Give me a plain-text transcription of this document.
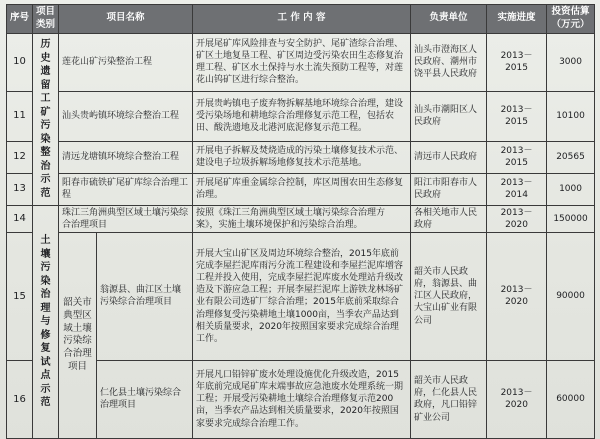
序号	项目类别	项目名称		工 作 内 容	负责单位	实施进度	投资估算（万元）
10	历史遗留工矿污染整治示范	莲花山矿污染整治工程		开展尾矿库风险排查与安全防护、尾矿渣综合治理、矿区土地复垦工程、矿区周边受污染农田生态修复治理工程、矿区水土保持与水土流失预防工程等，对莲花山钨矿区进行综合整治。	汕头市澄海区人民政府、潮州市饶平县人民政府	2013－2015	3000
11		汕头贵屿镇环境综合整治工程		开展贵屿镇电子废弃物拆解基地环境综合治理，建设受污染场地和耕地综合治理修复示范工程，包括农田、酸洗遗地及北港河底泥修复示范工程。	汕头市潮阳区人民政府	2013－2015	10100
12		清远龙塘镇环境综合整治工程		开展电子拆解及焚烧造成的污染土壤修复技术示范、建设电子垃圾拆解场地修复技术示范基地。	清远市人民政府	2013－2015	20565
13		阳春市硫铁矿尾矿库综合治理工程		开展尾矿库重金属综合控制，库区周围农田生态修复治理。	阳江市阳春市人民政府	2013－2014	1000
14	土壤污染治理与修复试点示范	珠江三角洲典型区域土壤污染综合治理项目		按照《珠江三角洲典型区域土壤污染综合治理方案》，实施土壤环境保护和污染综合治理。	各相关地市人民政府	2013－2020	150000
15		韶关市典型区域土壤污染综合治理项目	翁源县、曲江区土壤污染综合治理项目	开展大宝山矿区及周边环境综合整治，2015年底前完成李屋拦泥库雨污分流工程建设和李屋拦泥库增容工程并投入使用，完成李屋拦泥库废水处理站升级改造及下游应急工程；开展李屋拦泥库上游铁龙林场矿业有限公司选矿厂综合治理；2015年底前采取综合治理修复受污染耕地土壤1000亩，当季农产品达到相关质量要求，2020年按照国家要求完成综合治理工作。	韶关市人民政府，翁源县、曲江区人民政府，大宝山矿业有限公司	2013－2020	90000
16			仁化县土壤污染综合治理项目	开展凡口铅锌矿废水处理设施优化升级改造，2015年底前完成尾矿库末端事故应急池废水处理系统一期工程；开展受污染耕地土壤综合治理修复示范200亩，当季农产品达到相关质量要求，2020年按照国家要求完成综合治理工作。	韶关市人民政府，仁化县人民政府，凡口铅锌矿业公司	2013－2020	60000
